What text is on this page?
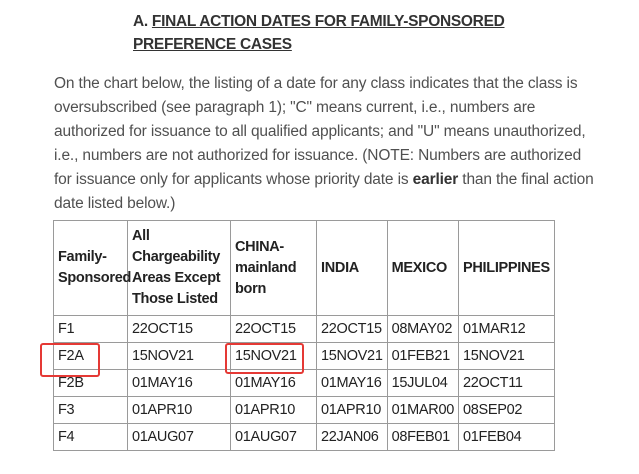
A. FINAL ACTION DATES FOR FAMILY-SPONSORED PREFERENCE CASES
On the chart below, the listing of a date for any class indicates that the class is oversubscribed (see paragraph 1); "C" means current, i.e., numbers are authorized for issuance to all qualified applicants; and "U" means unauthorized, i.e., numbers are not authorized for issuance. (NOTE: Numbers are authorized for issuance only for applicants whose priority date is earlier than the final action date listed below.)
Family-Sponsored	All Chargeability Areas Except Those Listed	CHINA-mainland born	INDIA	MEXICO	PHILIPPINES
F1	22OCT15	22OCT15	22OCT15	08MAY02	01MAR12
F2A	15NOV21	15NOV21	15NOV21	01FEB21	15NOV21
F2B	01MAY16	01MAY16	01MAY16	15JUL04	22OCT11
F3	01APR10	01APR10	01APR10	01MAR00	08SEP02
F4	01AUG07	01AUG07	22JAN06	08FEB01	01FEB04
